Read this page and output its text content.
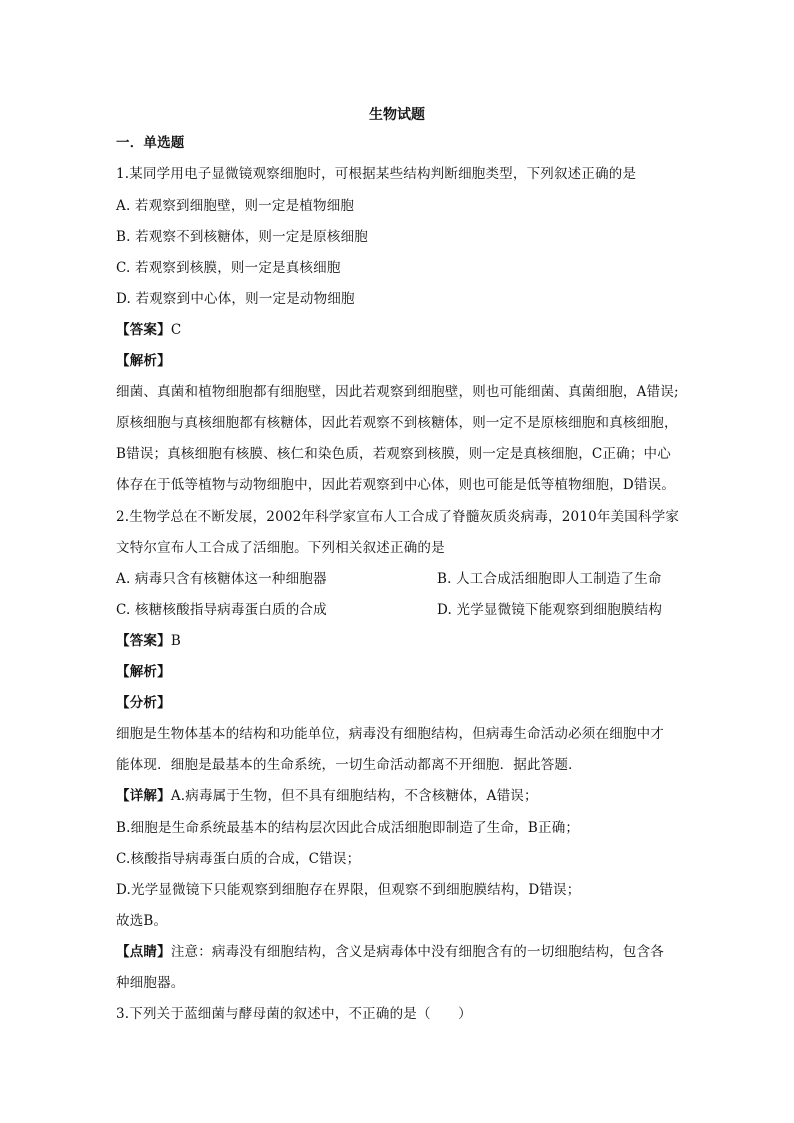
生物试题
一．单选题
1.某同学用电子显微镜观察细胞时，可根据某些结构判断细胞类型，下列叙述正确的是
A. 若观察到细胞壁，则一定是植物细胞
B. 若观察不到核糖体，则一定是原核细胞
C. 若观察到核膜，则一定是真核细胞
D. 若观察到中心体，则一定是动物细胞
【答案】C
【解析】
细菌、真菌和植物细胞都有细胞壁，因此若观察到细胞壁，则也可能细菌、真菌细胞，A错误;
原核细胞与真核细胞都有核糖体，因此若观察不到核糖体，则一定不是原核细胞和真核细胞，
B错误；真核细胞有核膜、核仁和染色质，若观察到核膜，则一定是真核细胞，C正确；中心
体存在于低等植物与动物细胞中，因此若观察到中心体，则也可能是低等植物细胞，D错误。
2.生物学总在不断发展，2002年科学家宣布人工合成了脊髓灰质炎病毒，2010年美国科学家
文特尔宣布人工合成了活细胞。下列相关叙述正确的是
A. 病毒只含有核糖体这一种细胞器	B. 人工合成活细胞即人工制造了生命
C. 核糖核酸指导病毒蛋白质的合成	D. 光学显微镜下能观察到细胞膜结构
【答案】B
【解析】
【分析】
细胞是生物体基本的结构和功能单位，病毒没有细胞结构，但病毒生命活动必须在细胞中才
能体现．细胞是最基本的生命系统，一切生命活动都离不开细胞．据此答题．
【详解】A.病毒属于生物，但不具有细胞结构，不含核糖体，A错误；
B.细胞是生命系统最基本的结构层次因此合成活细胞即制造了生命，B正确；
C.核酸指导病毒蛋白质的合成，C错误；
D.光学显微镜下只能观察到细胞存在界限，但观察不到细胞膜结构，D错误；
故选B。
【点睛】注意：病毒没有细胞结构，含义是病毒体中没有细胞含有的一切细胞结构，包含各
种细胞器。
3.下列关于蓝细菌与酵母菌的叙述中，不正确的是（　　）
